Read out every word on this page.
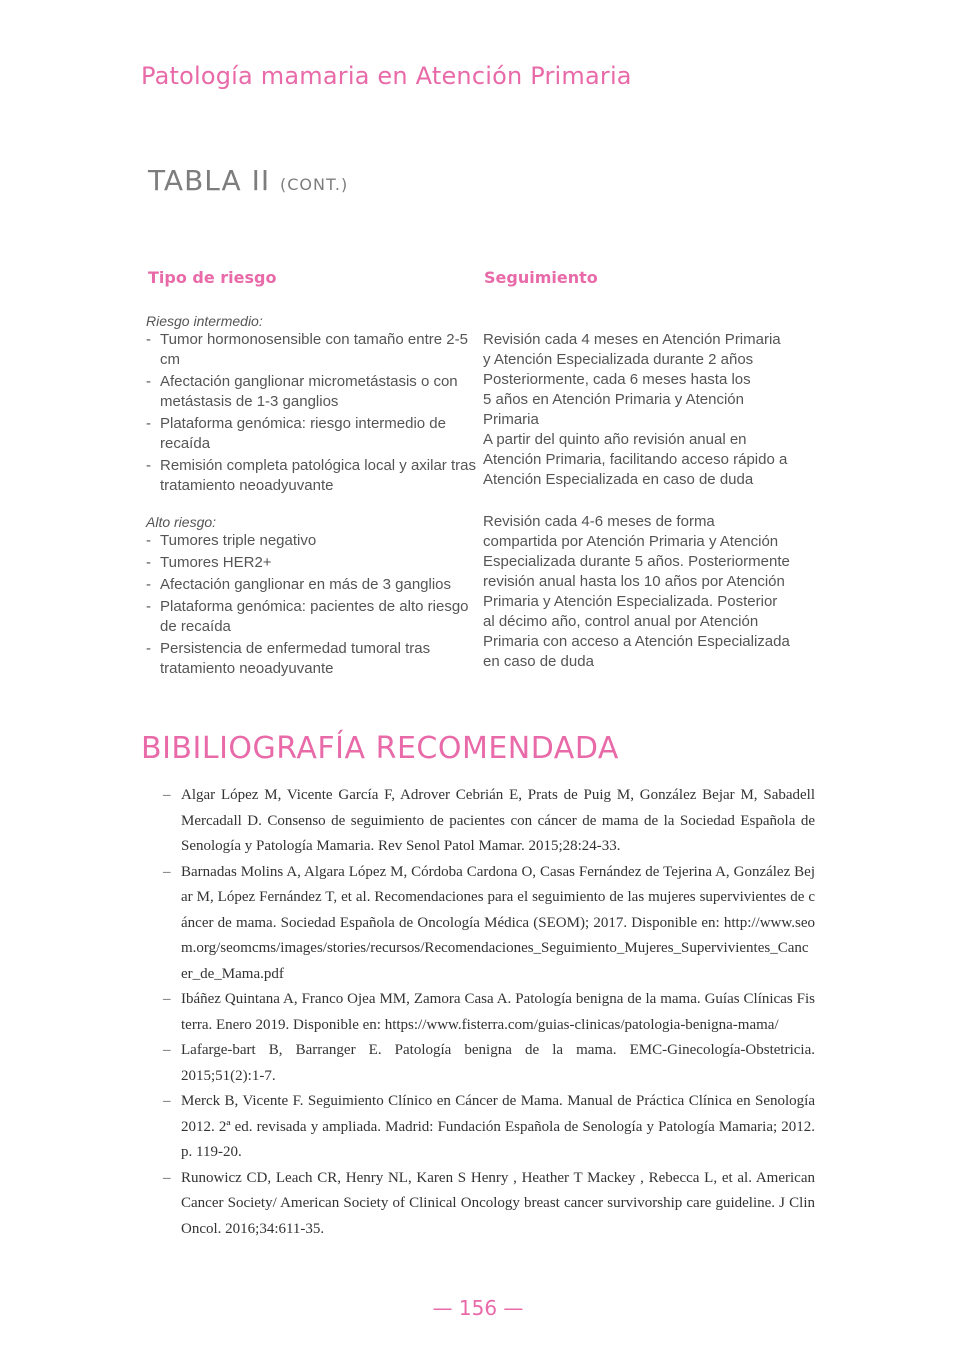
Patología mamaria en Atención Primaria
TABLA II (CONT.)
Tipo de riesgo	Seguimiento
Riesgo intermedio:
- Tumor hormonosensible con tamaño entre 2-5 cm
- Afectación ganglionar micrometástasis o con metástasis de 1-3 ganglios
- Plataforma genómica: riesgo intermedio de recaída
- Remisión completa patológica local y axilar tras tratamiento neoadyuvante
Revisión cada 4 meses en Atención Primaria
y Atención Especializada durante 2 años
Posteriormente, cada 6 meses hasta los
5 años en Atención Primaria y Atención
Primaria
A partir del quinto año revisión anual en
Atención Primaria, facilitando acceso rápido a
Atención Especializada en caso de duda
Alto riesgo:
- Tumores triple negativo
- Tumores HER2+
- Afectación ganglionar en más de 3 ganglios
- Plataforma genómica: pacientes de alto riesgo de recaída
- Persistencia de enfermedad tumoral tras tratamiento neoadyuvante
Revisión cada 4-6 meses de forma
compartida por Atención Primaria y Atención
Especializada durante 5 años. Posteriormente
revisión anual hasta los 10 años por Atención
Primaria y Atención Especializada. Posterior
al décimo año, control anual por Atención
Primaria con acceso a Atención Especializada
en caso de duda
BIBILIOGRAFÍA RECOMENDADA
– Algar López M, Vicente García F, Adrover Cebrián E, Prats de Puig M, González Bejar M, Sabadell Mercadall D. Consenso de seguimiento de pacientes con cáncer de mama de la Sociedad Española de Senología y Patología Mamaria. Rev Senol Patol Mamar. 2015;28:24-33.
– Barnadas Molins A, Algara López M, Córdoba Cardona O, Casas Fernández de Tejerina A, González Bejar M, López Fernández T, et al. Recomendaciones para el seguimiento de las mujeres supervivientes de cáncer de mama. Sociedad Española de Oncología Médica (SEOM); 2017. Disponible en: http://www.seom.org/seomcms/images/stories/recursos/Recomendaciones_Seguimiento_Mujeres_Supervivientes_Cancer_de_Mama.pdf
– Ibáñez Quintana A, Franco Ojea MM, Zamora Casa A. Patología benigna de la mama. Guías Clínicas Fisterra. Enero 2019. Disponible en: https://www.fisterra.com/guias-clinicas/patologia-benigna-mama/
– Lafarge-bart B, Barranger E. Patología benigna de la mama. EMC-Ginecología-Obstetricia. 2015;51(2):1-7.
– Merck B, Vicente F. Seguimiento Clínico en Cáncer de Mama. Manual de Práctica Clínica en Senología 2012. 2ª ed. revisada y ampliada. Madrid: Fundación Española de Senología y Patología Mamaria; 2012. p. 119-20.
– Runowicz CD, Leach CR, Henry NL, Karen S Henry , Heather T Mackey , Rebecca L, et al. American Cancer Society/ American Society of Clinical Oncology breast cancer survivorship care guideline. J Clin Oncol. 2016;34:611-35.
— 156 —
